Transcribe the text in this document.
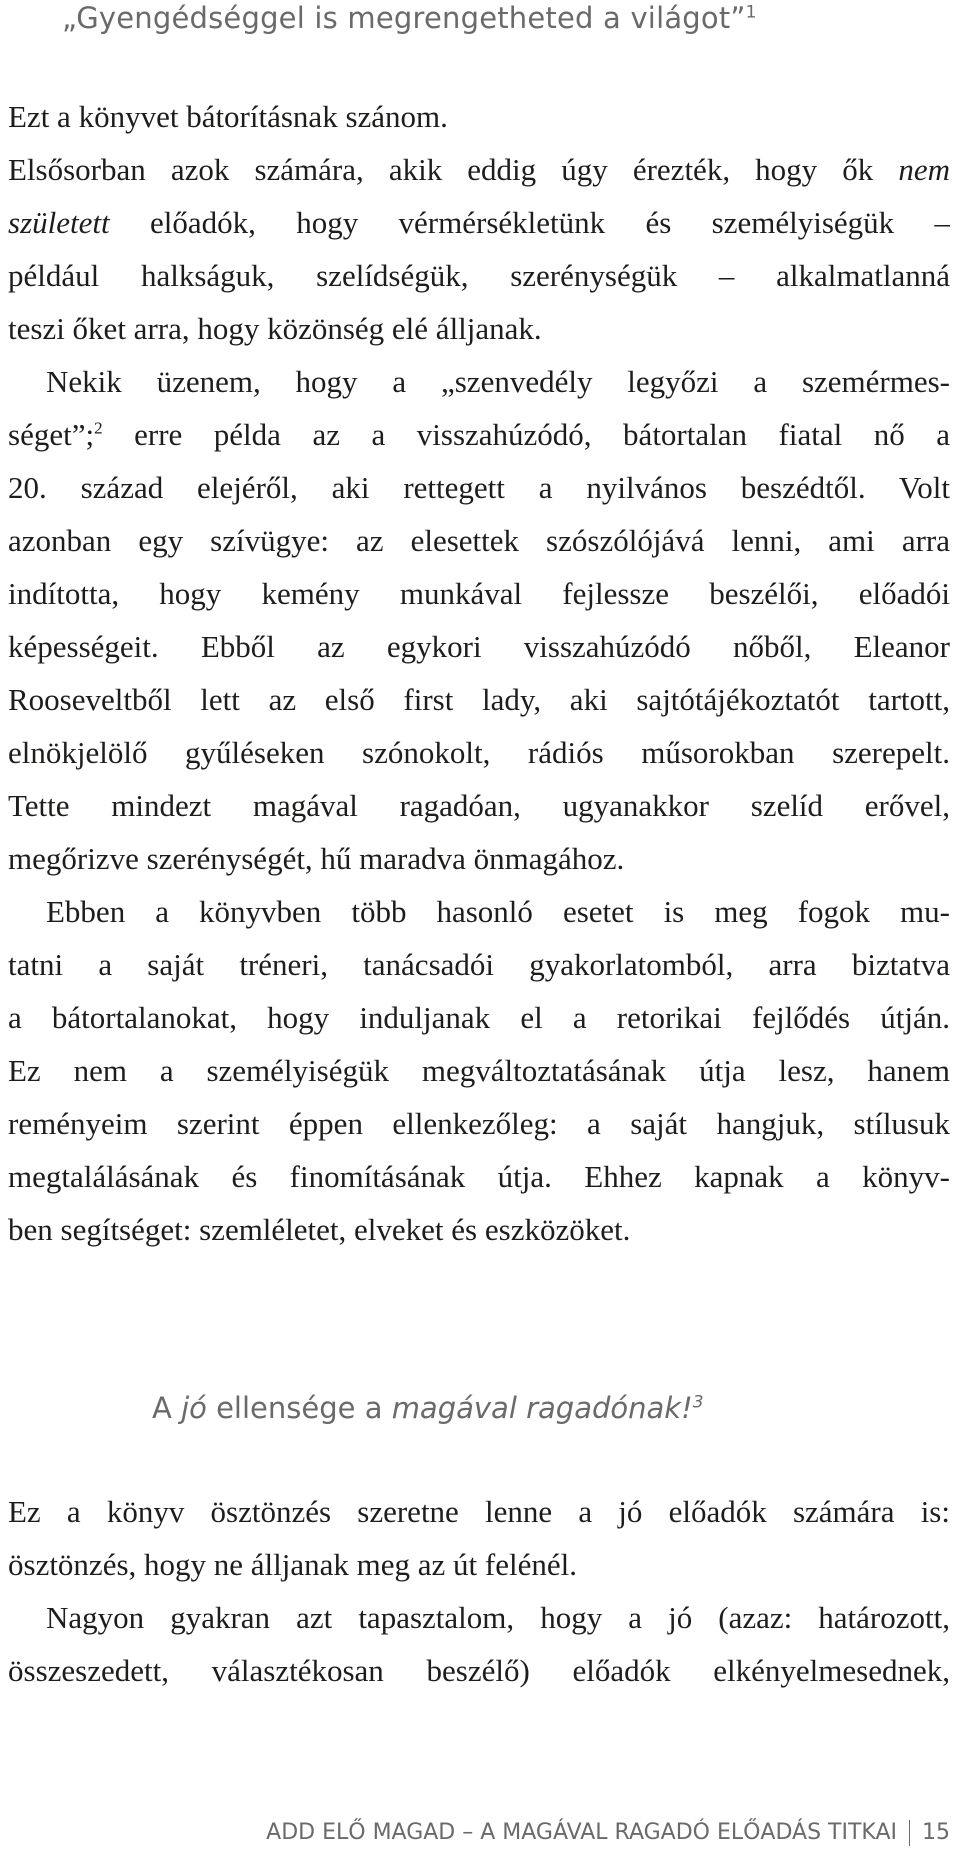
„Gyengédséggel is megrengetheted a világot”$^1$
Ezt a könyvet bátorításnak szánom.
Elsősorban azok számára, akik eddig úgy érezték, hogy ők nem
született előadók, hogy vérmérsékletünk és személyiségük –
például halkságuk, szelídségük, szerénységük – alkalmatlanná
teszi őket arra, hogy közönség elé álljanak.
Nekik üzenem, hogy a „szenvedély legyőzi a szemérmes-
séget”;$^2$ erre példa az a visszahúzódó, bátortalan fiatal nő a
20. század elejéről, aki rettegett a nyilvános beszédtől. Volt
azonban egy szívügye: az elesettek szószólójává lenni, ami arra
indította, hogy kemény munkával fejlessze beszélői, előadói
képességeit. Ebből az egykori visszahúzódó nőből, Eleanor
Rooseveltből lett az első first lady, aki sajtótájékoztatót tartott,
elnökjelölő gyűléseken szónokolt, rádiós műsorokban szerepelt.
Tette mindezt magával ragadóan, ugyanakkor szelíd erővel,
megőrizve szerénységét, hű maradva önmagához.
Ebben a könyvben több hasonló esetet is meg fogok mu-
tatni a saját tréneri, tanácsadói gyakorlatomból, arra biztatva
a bátortalanokat, hogy induljanak el a retorikai fejlődés útján.
Ez nem a személyiségük megváltoztatásának útja lesz, hanem
reményeim szerint éppen ellenkezőleg: a saját hangjuk, stílusuk
megtalálásának és finomításának útja. Ehhez kapnak a könyv-
ben segítséget: szemléletet, elveket és eszközöket.
A jó ellensége a magával ragadónak!$^3$
Ez a könyv ösztönzés szeretne lenne a jó előadók számára is:
ösztönzés, hogy ne álljanak meg az út felénél.
Nagyon gyakran azt tapasztalom, hogy a jó (azaz: határozott,
összeszedett, választékosan beszélő) előadók elkényelmesednek,
ADD ELŐ MAGAD – A MAGÁVAL RAGADÓ ELŐADÁS TITKAI 15
